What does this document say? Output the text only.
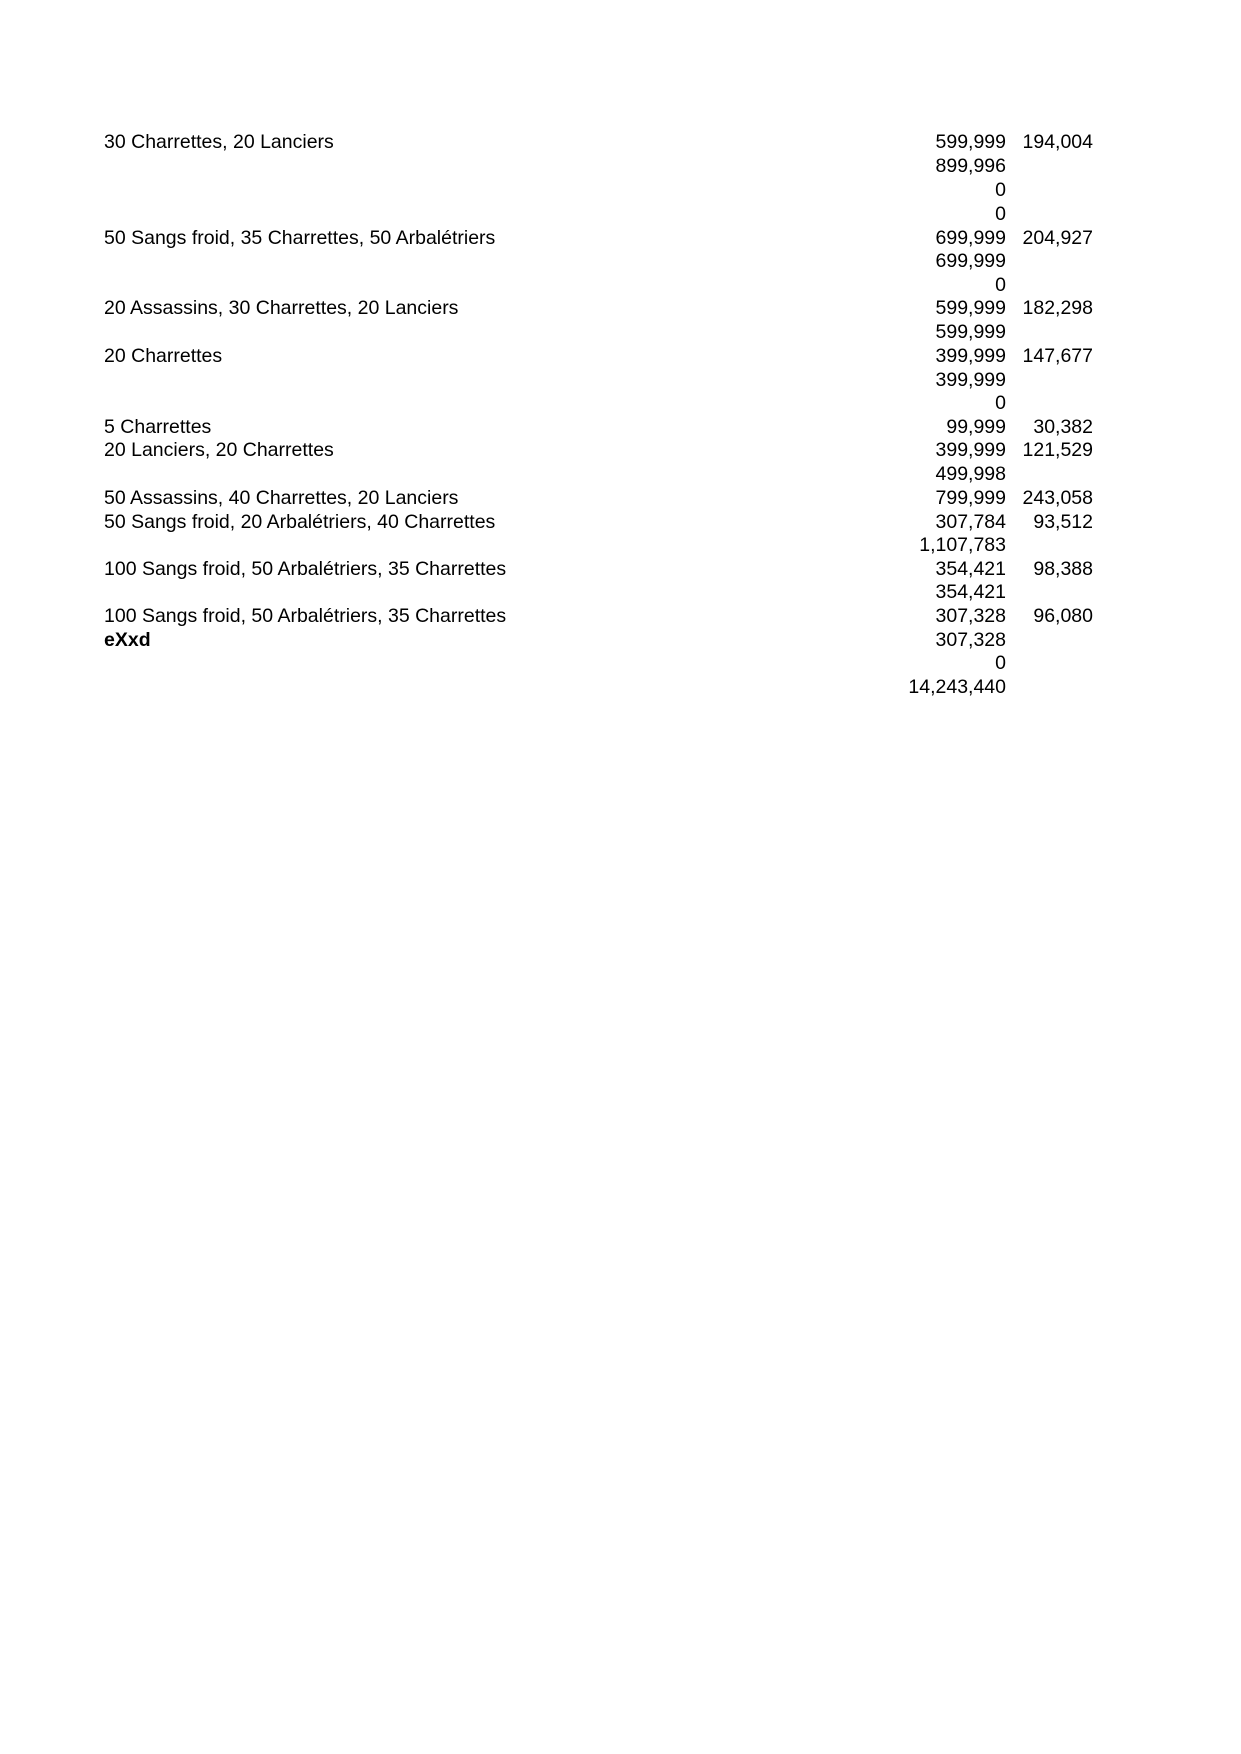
30 Charrettes, 20 Lanciers	599,999 194,004
899,996
0
0
50 Sangs froid, 35 Charrettes, 50 Arbalétriers	699,999 204,927
699,999
0
20 Assassins, 30 Charrettes, 20 Lanciers	599,999 182,298
599,999
20 Charrettes	399,999 147,677
399,999
0
5 Charrettes	99,999	30,382
20 Lanciers, 20 Charrettes	399,999 121,529
499,998
50 Assassins, 40 Charrettes, 20 Lanciers	799,999 243,058
50 Sangs froid, 20 Arbalétriers, 40 Charrettes	307,784	93,512
1,107,783
100 Sangs froid, 50 Arbalétriers, 35 Charrettes	354,421	98,388
354,421
100 Sangs froid, 50 Arbalétriers, 35 Charrettes	307,328	96,080
eXxd	307,328
0
14,243,440
